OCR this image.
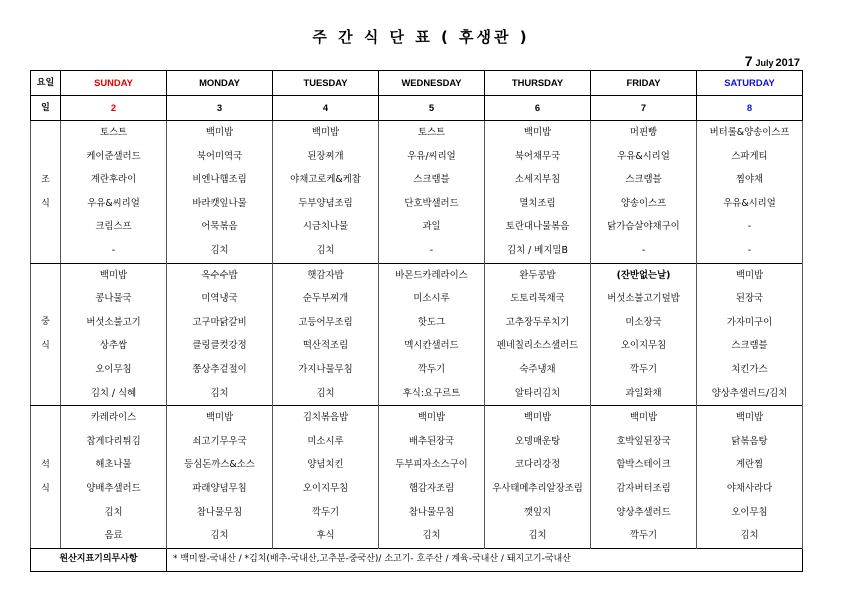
주 간 식 단 표 ( 후생관 )
7 July 2017
요일	SUNDAY	MONDAY	TUESDAY	WEDNESDAY	THURSDAY	FRIDAY	SATURDAY
일	2	3	4	5	6	7	8
조
식	토스트	백미밥	백미밥	토스트	백미밥	머핀빵	버터롤&양송이스프
	케이준샐러드	북어미역국	된장찌개	우유/씨리얼	북어채무국	우유&시리얼	스파게티
	계란후라이	비엔나햄조림	야채고로케&케찹	스크램블	소세지부침	스크램블	찜야채
	우유&씨리얼	바라캣잎나물	두부양념조림	단호박샐러드	멸치조림	양송이스프	우유&시리얼
	크림스프	어묵볶음	시금치나물	과일	토란대나물볶음	닭가슴살야채구이	-
	-	김치	김치	-	김치 / 베지밀B	-	-
중
식	백미밥	옥수수밥	햇감자밥	바몬드카레라이스	완두콩밥	(잔반없는날)	백미밥
	콩나물국	미역냉국	순두부찌개	미소시루	도토리묵채국	버섯소불고기덮밥	된장국
	버섯소불고기	고구마닭갈비	고등어무조림	핫도그	고추장두루치기	미소장국	가자미구이
	상추쌈	클링클컷강정	떡산적조림	멕시칸샐러드	펜네칠리소스샐러드	오이지무침	스크램블
	오이무침	쫑상추겉절이	가지나물무침	깍두기	숙주냉채	깍두기	치킨가스
	김치 / 식혜	김치	김치	후식:요구르트	알타리김치	과일화채	양상추샐러드/김치
석
식	카레라이스	백미밥	김치볶음밥	백미밥	백미밥	백미밥	백미밥
	찹게다리튀김	쇠고기무우국	미소시루	배추된장국	오뎅매운탕	호박잎된장국	닭볶음탕
	해초나물	등심돈까스&소스	양념치킨	두부피자소스구이	코다리강정	함박스테이크	계란찜
	양배추샐러드	파래양념무침	오이지무침	햄감자조림	우사태메추리알장조림	감자버터조림	야채사라다
	김치	참나물무침	깍두기	참나물무침	깻잎지	양상추샐러드	오이무침
	음료	김치	후식	김치	김치	깍두기	김치
원산지표기의무사항		* 백미쌀-국내산 / *김치(배추-국내산,고추분-중국산)/ 소고기- 호주산 / 계육-국내산 / 돼지고기-국내산					
